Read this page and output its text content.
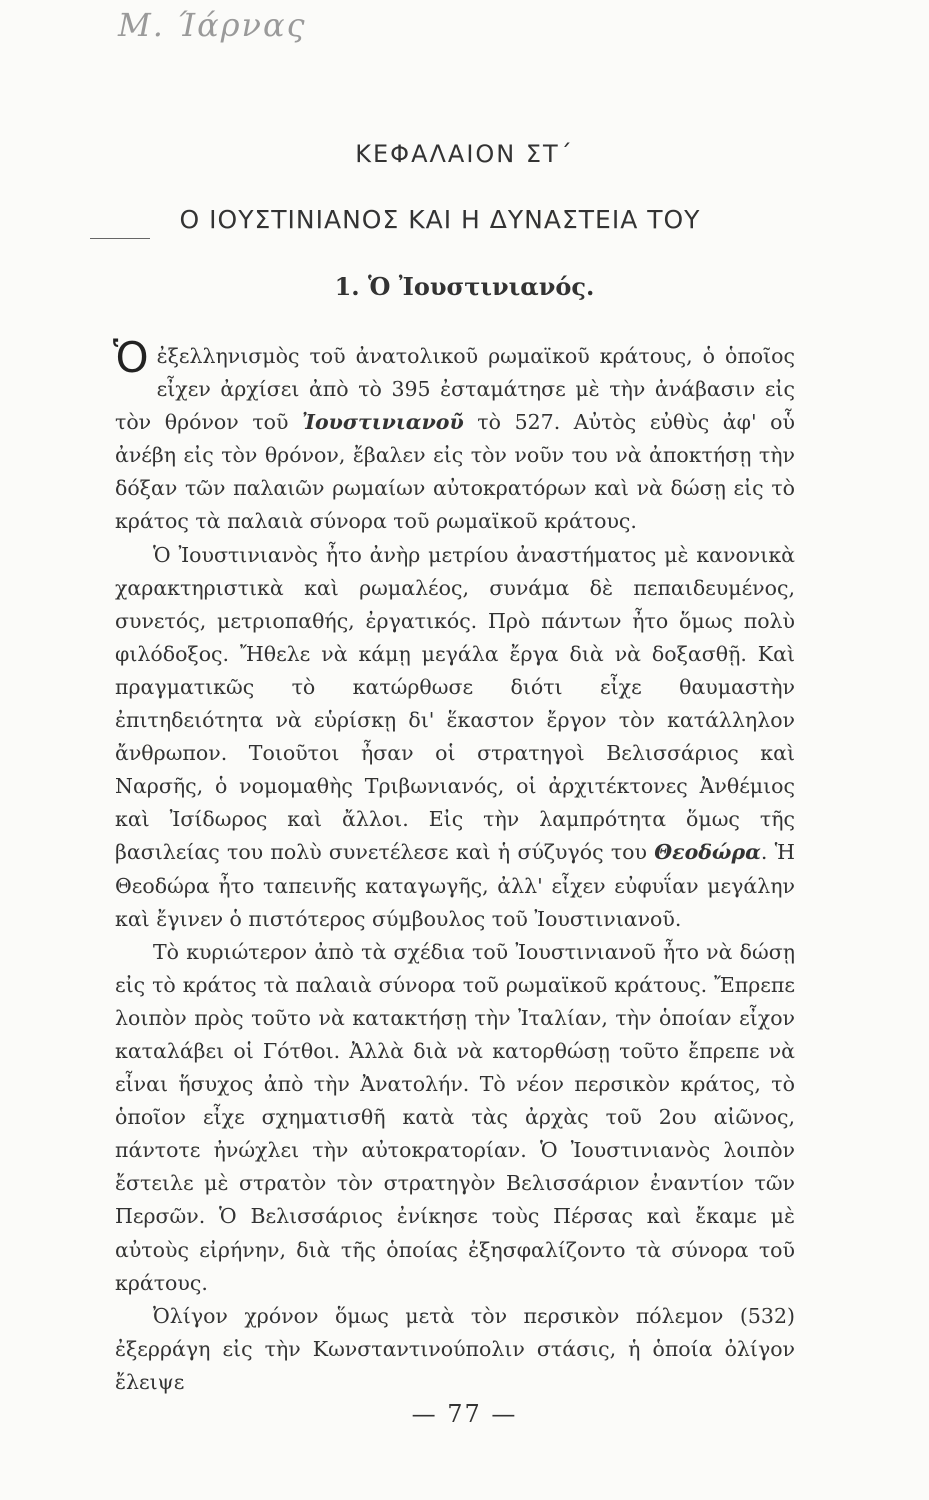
Μ. Ίάρνας
ΚΕΦΑΛΑΙΟΝ ΣΤ΄
Ο ΙΟΥΣΤΙΝΙΑΝΟΣ ΚΑΙ Η ΔΥΝΑΣΤΕΙΑ ΤΟΥ
1. Ὁ Ἰουστινιανός.

Ὁἐξελληνισμὸς τοῦ ἀνατολικοῦ ρωμαϊκοῦ κράτους, ὁ ὁποῖος εἶχεν ἀρχίσει ἀπὸ τὸ 395 ἐσταμάτησε μὲ τὴν ἀνάβασιν εἰς τὸν θρόνον τοῦ Ἰουστινιανοῦ τὸ 527. Αὐτὸς εὐθὺς ἀφ' οὗ ἀνέβη εἰς τὸν θρόνον, ἔβαλεν εἰς τὸν νοῦν του νὰ ἀποκτήσῃ τὴν δόξαν τῶν παλαιῶν ρωμαίων αὐτοκρατόρων καὶ νὰ δώσῃ εἰς τὸ κράτος τὰ παλαιὰ σύνορα τοῦ ρωμαϊκοῦ κράτους.

Ὁ Ἰουστινιανὸς ἦτο ἀνὴρ μετρίου ἀναστήματος μὲ κανονικὰ χαρακτηριστικὰ καὶ ρωμαλέος, συνάμα δὲ πεπαιδευμένος, συνετός, μετριοπαθής, ἐργατικός. Πρὸ πάντων ἦτο ὅμως πολὺ φιλόδοξος. Ἤθελε νὰ κάμῃ μεγάλα ἔργα διὰ νὰ δοξασθῇ. Καὶ πραγματικῶς τὸ κατώρθωσε διότι εἶχε θαυμαστὴν ἐπιτηδειότητα νὰ εὑρίσκῃ δι' ἕκαστον ἔργον τὸν κατάλληλον ἄνθρωπον. Τοιοῦτοι ἦσαν οἱ στρατηγοὶ Βελισσάριος καὶ Ναρσῆς, ὁ νομομαθὴς Τριβωνιανός, οἱ ἀρχιτέκτονες Ἀνθέμιος καὶ Ἰσίδωρος καὶ ἄλλοι. Εἰς τὴν λαμπρότητα ὅμως τῆς βασιλείας του πολὺ συνετέλεσε καὶ ἡ σύζυγός του Θεοδώρα. Ἡ Θεοδώρα ἦτο ταπεινῆς καταγωγῆς, ἀλλ' εἶχεν εὐφυΐαν μεγάλην καὶ ἔγινεν ὁ πιστότερος σύμβουλος τοῦ Ἰουστινιανοῦ.

Τὸ κυριώτερον ἀπὸ τὰ σχέδια τοῦ Ἰουστινιανοῦ ἦτο νὰ δώσῃ εἰς τὸ κράτος τὰ παλαιὰ σύνορα τοῦ ρωμαϊκοῦ κράτους. Ἔπρεπε λοιπὸν πρὸς τοῦτο νὰ κατακτήσῃ τὴν Ἰταλίαν, τὴν ὁποίαν εἶχον καταλάβει οἱ Γότθοι. Ἀλλὰ διὰ νὰ κατορθώσῃ τοῦτο ἔπρεπε νὰ εἶναι ἥσυχος ἀπὸ τὴν Ἀνατολήν. Τὸ νέον περσικὸν κράτος, τὸ ὁποῖον εἶχε σχηματισθῆ κατὰ τὰς ἀρχὰς τοῦ 2ου αἰῶνος, πάντοτε ἠνώχλει τὴν αὐτοκρατορίαν. Ὁ Ἰουστινιανὸς λοιπὸν ἔστειλε μὲ στρατὸν τὸν στρατηγὸν Βελισσάριον ἐναντίον τῶν Περσῶν. Ὁ Βελισσάριος ἐνίκησε τοὺς Πέρσας καὶ ἔκαμε μὲ αὐτοὺς εἰρήνην, διὰ τῆς ὁποίας ἐξησφαλίζοντο τὰ σύνορα τοῦ κράτους.

Ὀλίγον χρόνον ὅμως μετὰ τὸν περσικὸν πόλεμον (532) ἐξερράγη εἰς τὴν Κωνσταντινούπολιν στάσις, ἡ ὁποία ὀλίγον ἔλειψε

— 77 —
